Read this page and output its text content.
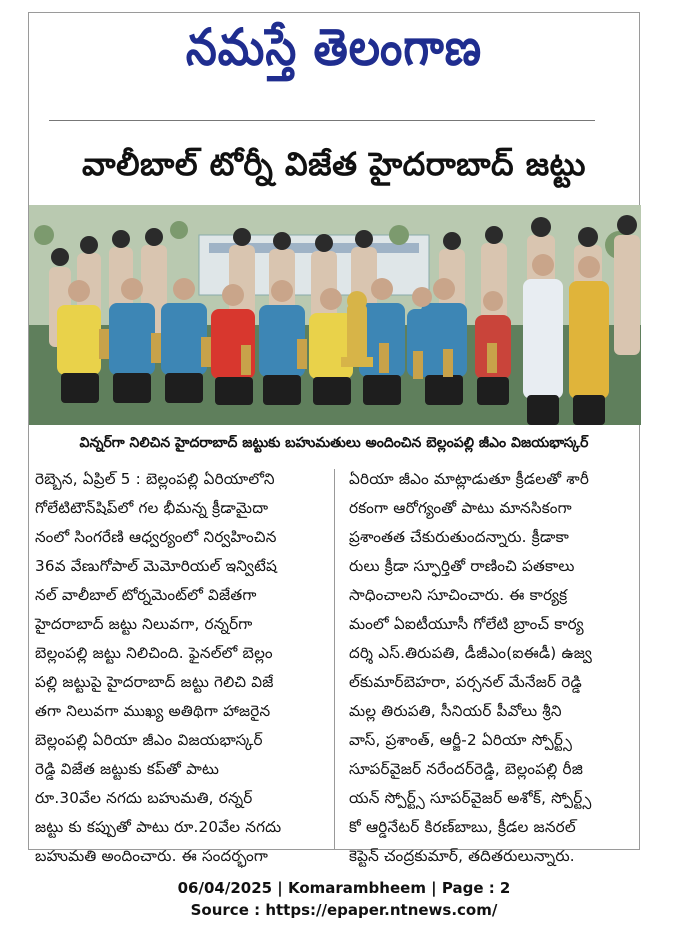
నమస్తే తెలంగాణ
వాలీబాల్ టోర్నీ విజేత హైదరాబాద్ జట్టు
విన్నర్‌గా నిలిచిన హైదరాబాద్ జట్టుకు బహుమతులు అందించిన బెల్లంపల్లి జీఎం విజయభాస్కర్
రెబ్బెన, ఏప్రిల్ 5 : బెల్లంపల్లి ఏరియాలోని
గోలేటిటౌన్‌షిప్‌లో గల భీమన్న క్రీడామైదా
నంలో సింగరేణి ఆధ్వర్యంలో నిర్వహించిన
36వ వేణుగోపాల్ మెమోరియల్ ఇన్విటేష
నల్ వాలీబాల్ టోర్నమెంట్‌లో విజేతగా
హైదరాబాద్ జట్టు నిలువగా, రన్నర్‌గా
బెల్లంపల్లి జట్టు నిలిచింది. ఫైనల్‌లో బెల్లం
పల్లి జట్టుపై హైదరాబాద్ జట్టు గెలిచి విజే
తగా నిలువగా ముఖ్య అతిథిగా హాజరైన
బెల్లంపల్లి ఏరియా జీఎం విజయభాస్కర్
రెడ్డి విజేత జట్టుకు కప్‌తో పాటు
రూ.30వేల నగదు బహుమతి, రన్నర్
జట్టు కు కప్పుతో పాటు రూ.20వేల నగదు
బహుమతి అందించారు. ఈ సందర్భంగా
ఏరియా జీఎం మాట్లాడుతూ క్రీడలతో శారీ
రకంగా ఆరోగ్యంతో పాటు మానసికంగా
ప్రశాంతత చేకురుతుందన్నారు. క్రీడాకా
రులు క్రీడా స్ఫూర్తితో రాణించి పతకాలు
సాధించాలని సూచించారు. ఈ కార్యక్ర
మంలో ఏఐటీయూసీ గోలేటి బ్రాంచ్ కార్య
దర్శి ఎస్.తిరుపతి, డీజీఎం(ఐఈడీ) ఉజ్వ
ల్‌కుమార్‌బెహరా, పర్సనల్ మేనేజర్ రెడ్డి
మల్ల తిరుపతి, సీనియర్ పీవోలు శ్రీని
వాస్, ప్రశాంత్, ఆర్జీ-2 ఏరియా స్పోర్ట్స్
సూపర్‌వైజర్ నరేందర్‌రెడ్డి, బెల్లంపల్లి రీజి
యన్ స్పోర్ట్స్ సూపర్‌వైజర్ అశోక్, స్పోర్ట్స్
కో ఆర్డినేటర్ కిరణ్‌బాబు, క్రీడల జనరల్
కెప్టెన్ చంద్రకుమార్, తదితరులున్నారు.
06/04/2025 | Komarambheem | Page : 2
Source : https://epaper.ntnews.com/
